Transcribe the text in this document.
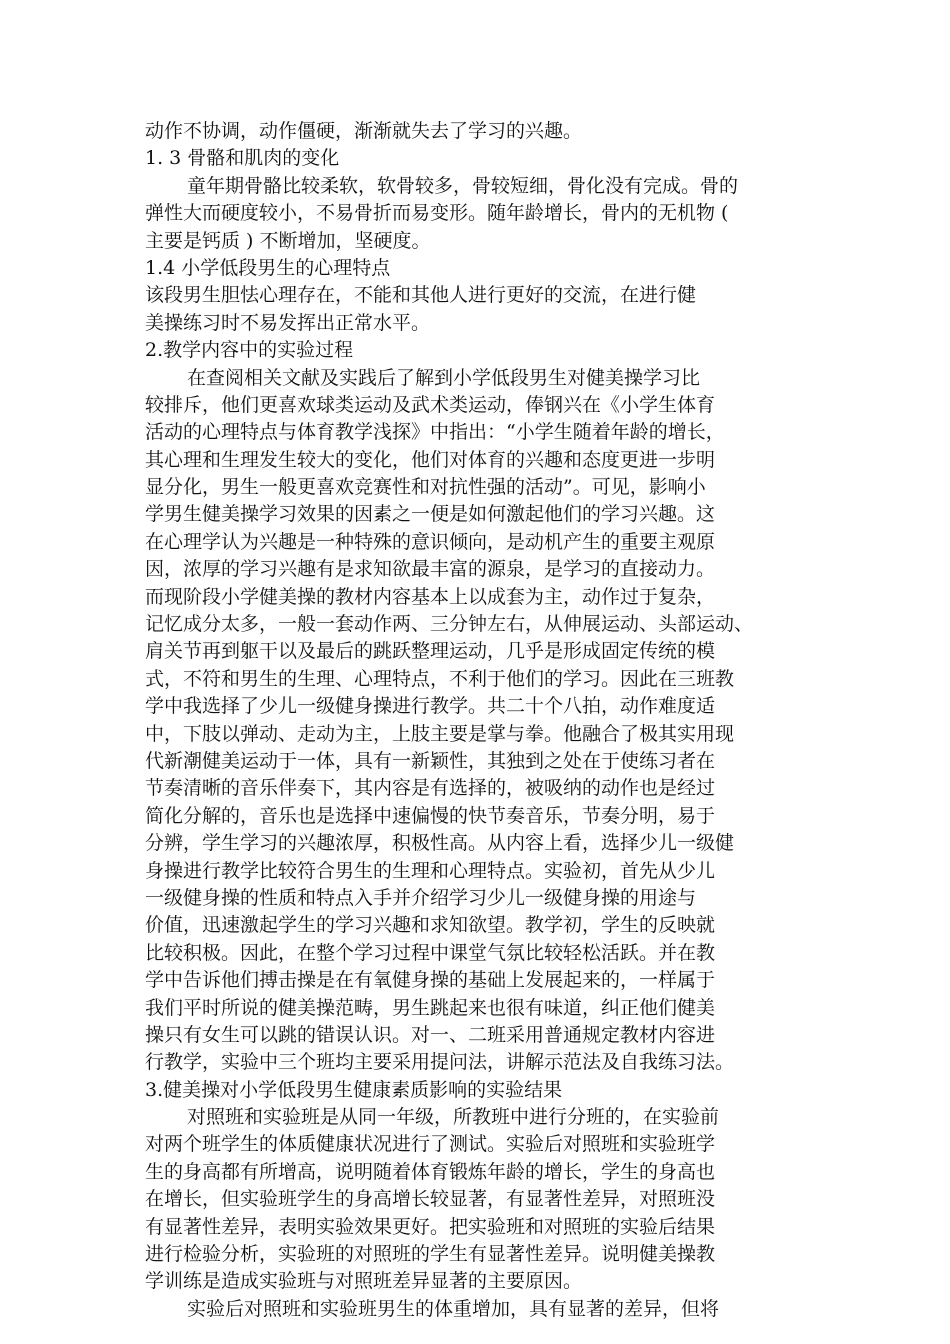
动作不协调，动作僵硬，渐渐就失去了学习的兴趣。
1. 3 骨骼和肌肉的变化
童年期骨骼比较柔软，软骨较多，骨较短细，骨化没有完成。骨的
弹性大而硬度较小，不易骨折而易变形。随年龄增长，骨内的无机物 (
主要是钙质 ) 不断增加，坚硬度。
1.4 小学低段男生的心理特点
该段男生胆怯心理存在，不能和其他人进行更好的交流，在进行健
美操练习时不易发挥出正常水平。
2.教学内容中的实验过程
在查阅相关文献及实践后了解到小学低段男生对健美操学习比
较排斥，他们更喜欢球类运动及武术类运动，俸钢兴在《小学生体育
活动的心理特点与体育教学浅探》中指出：“小学生随着年龄的增长，
其心理和生理发生较大的变化，他们对体育的兴趣和态度更进一步明
显分化，男生一般更喜欢竞赛性和对抗性强的活动”。可见，影响小
学男生健美操学习效果的因素之一便是如何激起他们的学习兴趣。这
在心理学认为兴趣是一种特殊的意识倾向，是动机产生的重要主观原
因，浓厚的学习兴趣有是求知欲最丰富的源泉，是学习的直接动力。
而现阶段小学健美操的教材内容基本上以成套为主，动作过于复杂，
记忆成分太多，一般一套动作两、三分钟左右，从伸展运动、头部运动、
肩关节再到躯干以及最后的跳跃整理运动，几乎是形成固定传统的模
式，不符和男生的生理、心理特点，不利于他们的学习。因此在三班教
学中我选择了少儿一级健身操进行教学。共二十个八拍，动作难度适
中，下肢以弹动、走动为主，上肢主要是掌与拳。他融合了极其实用现
代新潮健美运动于一体，具有一新颖性，其独到之处在于使练习者在
节奏清晰的音乐伴奏下，其内容是有选择的，被吸纳的动作也是经过
简化分解的，音乐也是选择中速偏慢的快节奏音乐，节奏分明，易于
分辨，学生学习的兴趣浓厚，积极性高。从内容上看，选择少儿一级健
身操进行教学比较符合男生的生理和心理特点。实验初，首先从少儿
一级健身操的性质和特点入手并介绍学习少儿一级健身操的用途与
价值，迅速激起学生的学习兴趣和求知欲望。教学初，学生的反映就
比较积极。因此，在整个学习过程中课堂气氛比较轻松活跃。并在教
学中告诉他们搏击操是在有氧健身操的基础上发展起来的，一样属于
我们平时所说的健美操范畴，男生跳起来也很有味道，纠正他们健美
操只有女生可以跳的错误认识。对一、二班采用普通规定教材内容进
行教学，实验中三个班均主要采用提问法，讲解示范法及自我练习法。
3.健美操对小学低段男生健康素质影响的实验结果
对照班和实验班是从同一年级，所教班中进行分班的，在实验前
对两个班学生的体质健康状况进行了测试。实验后对照班和实验班学
生的身高都有所增高，说明随着体育锻炼年龄的增长，学生的身高也
在增长，但实验班学生的身高增长较显著，有显著性差异，对照班没
有显著性差异，表明实验效果更好。把实验班和对照班的实验后结果
进行检验分析，实验班的对照班的学生有显著性差异。说明健美操教
学训练是造成实验班与对照班差异显著的主要原因。
实验后对照班和实验班男生的体重增加，具有显著的差异，但将
